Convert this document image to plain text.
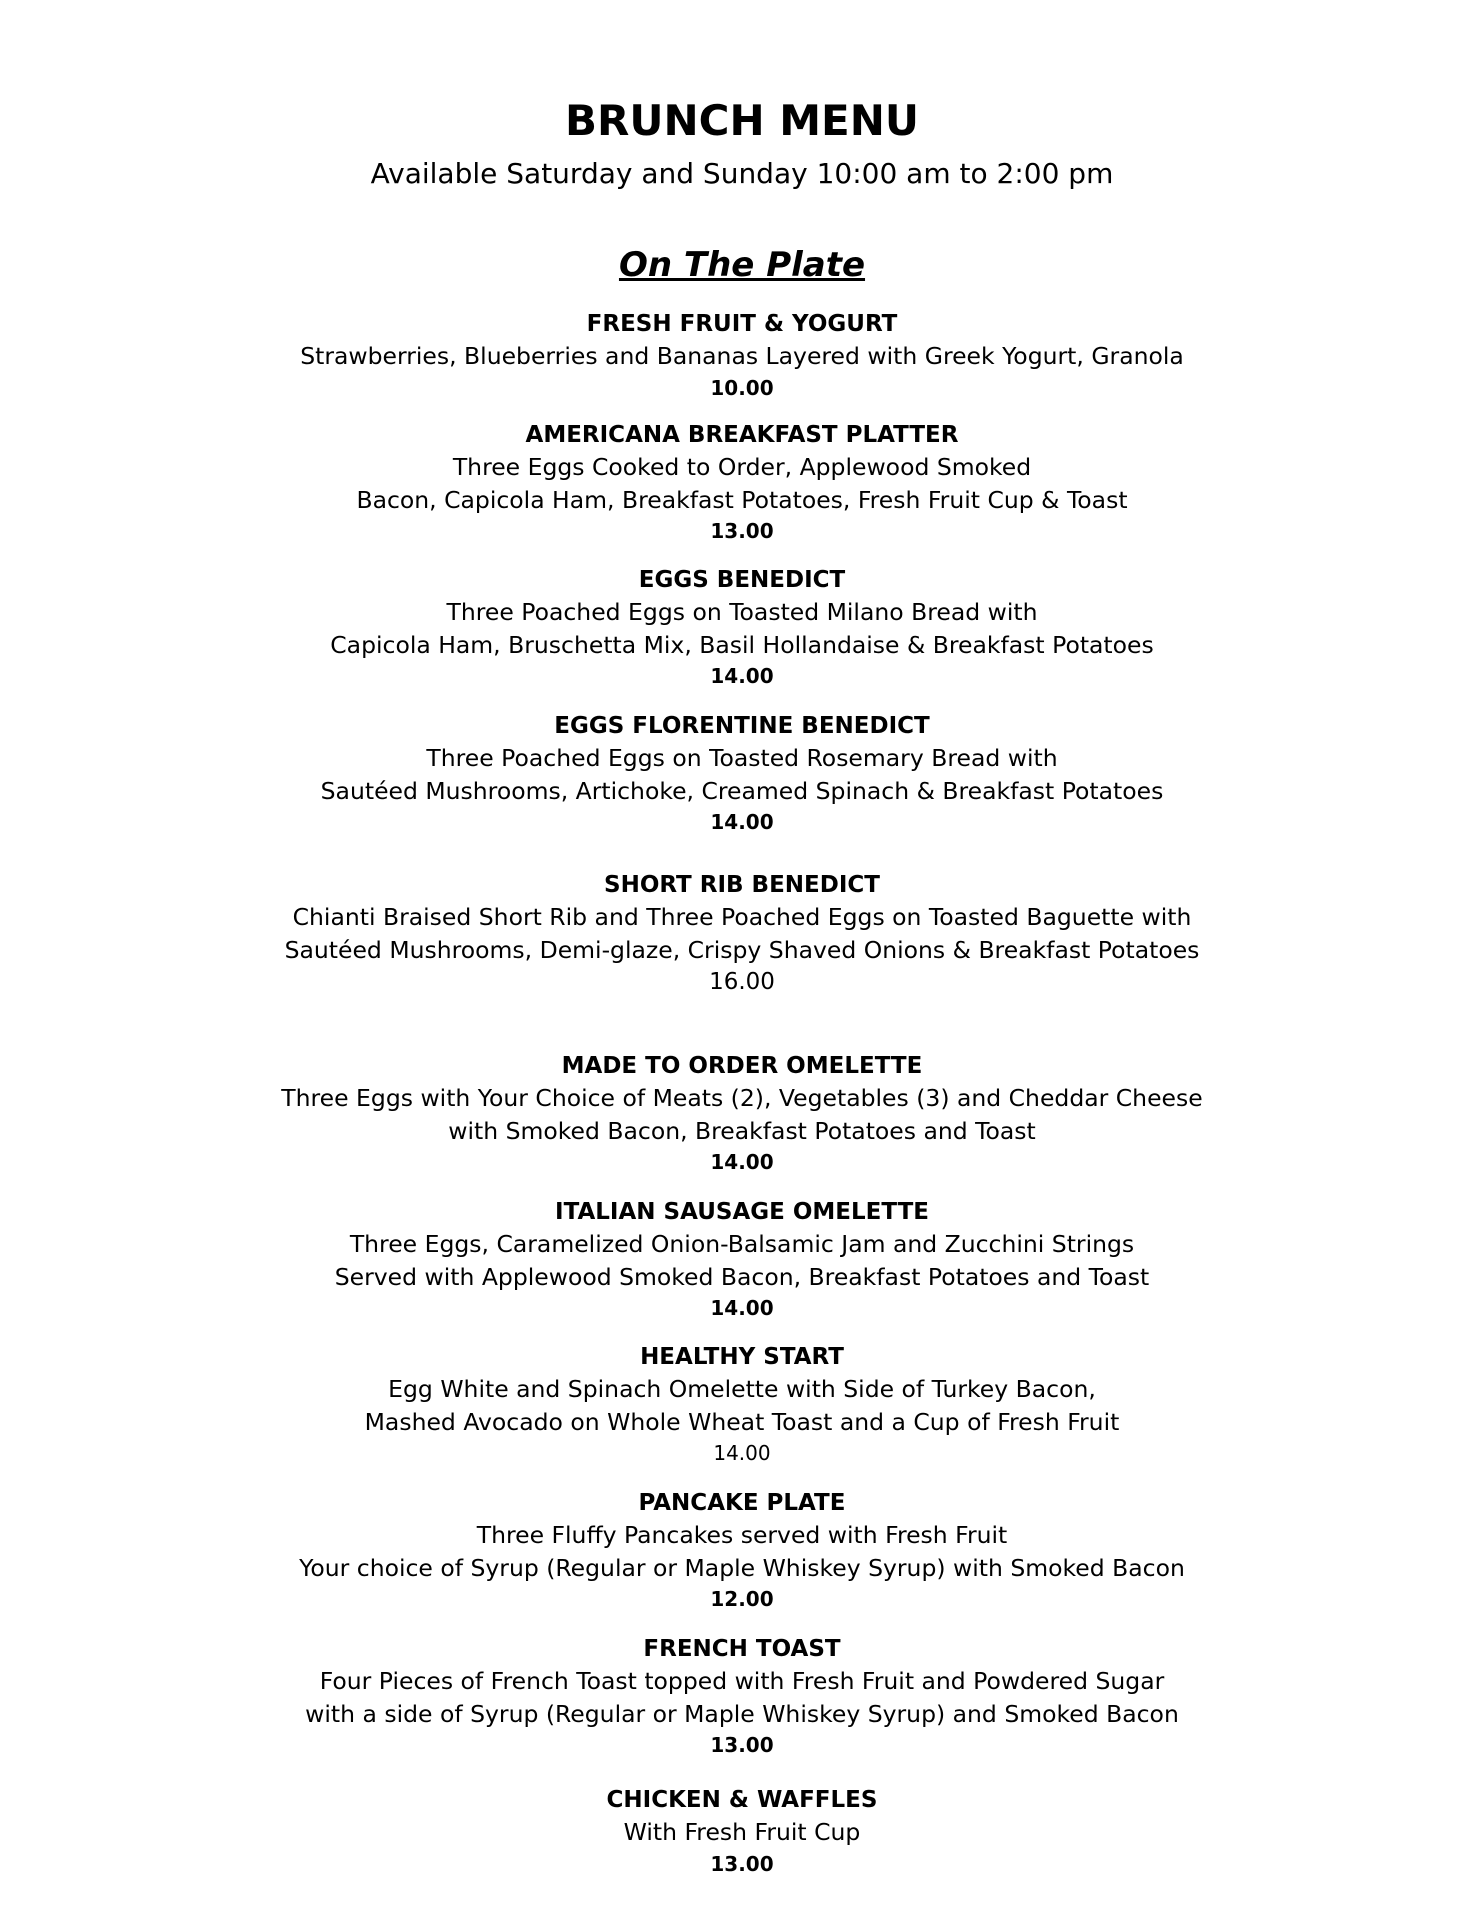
BRUNCH MENU

Available Saturday and Sunday 10:00 am to 2:00 pm

On The Plate

FRESH FRUIT & YOGURT

Strawberries, Blueberries and Bananas Layered with Greek Yogurt, Granola

10.00

AMERICANA BREAKFAST PLATTER

Three Eggs Cooked to Order, Applewood Smoked

Bacon, Capicola Ham, Breakfast Potatoes, Fresh Fruit Cup & Toast

13.00

EGGS BENEDICT

Three Poached Eggs on Toasted Milano Bread with

Capicola Ham, Bruschetta Mix, Basil Hollandaise & Breakfast Potatoes

14.00

EGGS FLORENTINE BENEDICT

Three Poached Eggs on Toasted Rosemary Bread with

Sautéed Mushrooms, Artichoke, Creamed Spinach & Breakfast Potatoes

14.00

SHORT RIB BENEDICT

Chianti Braised Short Rib and Three Poached Eggs on Toasted Baguette with

Sautéed Mushrooms, Demi-glaze, Crispy Shaved Onions & Breakfast Potatoes

16.00

MADE TO ORDER OMELETTE

Three Eggs with Your Choice of Meats (2), Vegetables (3) and Cheddar Cheese

with Smoked Bacon, Breakfast Potatoes and Toast

14.00

ITALIAN SAUSAGE OMELETTE

Three Eggs, Caramelized Onion-Balsamic Jam and Zucchini Strings

Served with Applewood Smoked Bacon, Breakfast Potatoes and Toast

14.00

HEALTHY START

Egg White and Spinach Omelette with Side of Turkey Bacon,

Mashed Avocado on Whole Wheat Toast and a Cup of Fresh Fruit

14.00

PANCAKE PLATE

Three Fluffy Pancakes served with Fresh Fruit

Your choice of Syrup (Regular or Maple Whiskey Syrup) with Smoked Bacon

12.00

FRENCH TOAST

Four Pieces of French Toast topped with Fresh Fruit and Powdered Sugar

with a side of Syrup (Regular or Maple Whiskey Syrup) and Smoked Bacon

13.00

CHICKEN & WAFFLES

With Fresh Fruit Cup

13.00
